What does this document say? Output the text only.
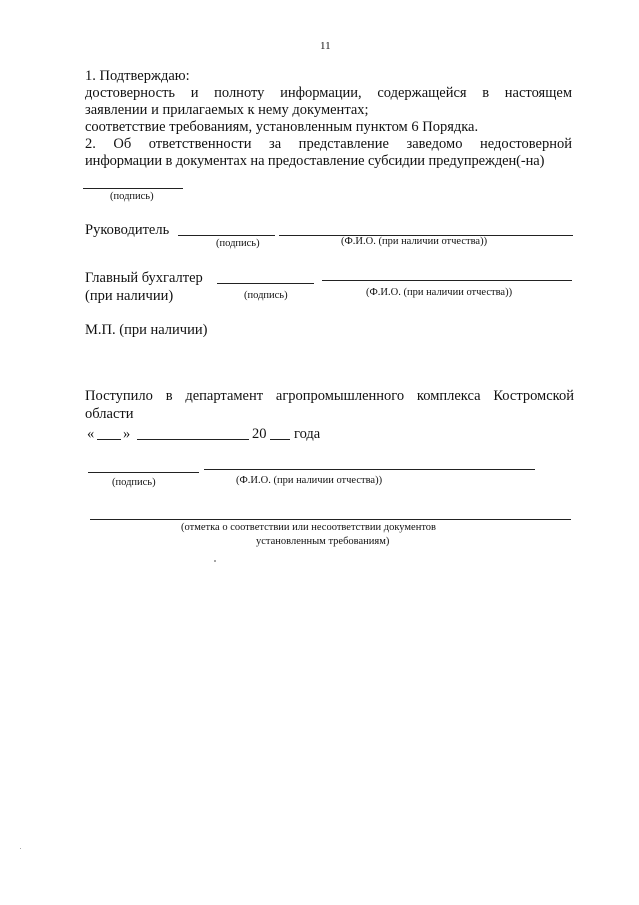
11
1. Подтверждаю:
достоверность и полноту информации, содержащейся в настоящем
заявлении и прилагаемых к нему документах;
соответствие требованиям, установленным пунктом 6 Порядка.
2. Об ответственности за представление заведомо недостоверной
информации в документах на предоставление субсидии предупрежден(-на)
(подпись)
Руководитель
(подпись)	(Ф.И.О. (при наличии отчества))
Главный бухгалтер
(при наличии)	(подпись)	(Ф.И.О. (при наличии отчества))
М.П. (при наличии)
Поступило в департамент агропромышленного комплекса Костромской
области
« »	20 года
(подпись)	(Ф.И.О. (при наличии отчества))
(отметка о соответствии или несоответствии документов
установленным требованиям)
